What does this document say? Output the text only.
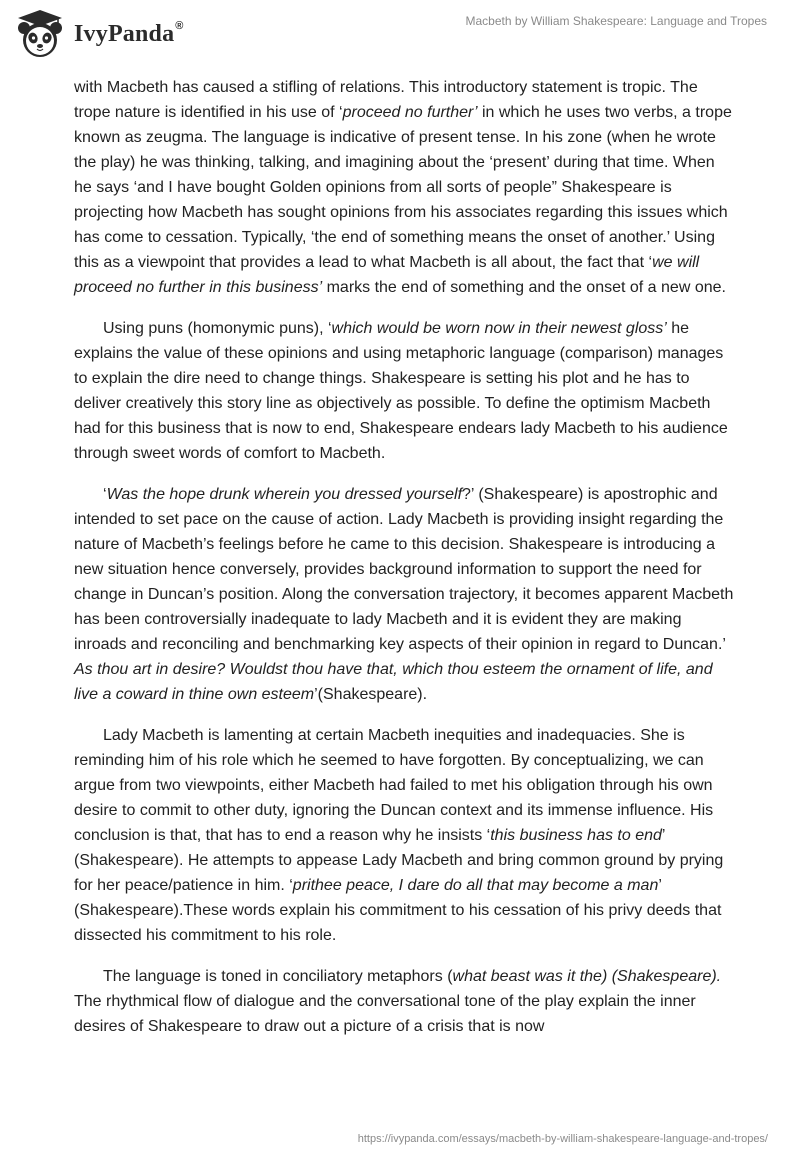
IvyPanda®	Macbeth by William Shakespeare: Language and Tropes

with Macbeth has caused a stifling of relations. This introductory statement is tropic. The trope nature is identified in his use of ‘proceed no further’ in which he uses two verbs, a trope known as zeugma. The language is indicative of present tense. In his zone (when he wrote the play) he was thinking, talking, and imagining about the ‘present’ during that time. When he says ‘and I have bought Golden opinions from all sorts of people” Shakespeare is projecting how Macbeth has sought opinions from his associates regarding this issues which has come to cessation. Typically, ‘the end of something means the onset of another.’ Using this as a viewpoint that provides a lead to what Macbeth is all about, the fact that ‘we will proceed no further in this business’ marks the end of something and the onset of a new one.

Using puns (homonymic puns), ‘which would be worn now in their newest gloss’ he explains the value of these opinions and using metaphoric language (comparison) manages to explain the dire need to change things. Shakespeare is setting his plot and he has to deliver creatively this story line as objectively as possible. To define the optimism Macbeth had for this business that is now to end, Shakespeare endears lady Macbeth to his audience through sweet words of comfort to Macbeth.

‘Was the hope drunk wherein you dressed yourself?’ (Shakespeare) is apostrophic and intended to set pace on the cause of action. Lady Macbeth is providing insight regarding the nature of Macbeth’s feelings before he came to this decision. Shakespeare is introducing a new situation hence conversely, provides background information to support the need for change in Duncan’s position. Along the conversation trajectory, it becomes apparent Macbeth has been controversially inadequate to lady Macbeth and it is evident they are making inroads and reconciling and benchmarking key aspects of their opinion in regard to Duncan.’ As thou art in desire? Wouldst thou have that, which thou esteem the ornament of life, and live a coward in thine own esteem’(Shakespeare).

Lady Macbeth is lamenting at certain Macbeth inequities and inadequacies. She is reminding him of his role which he seemed to have forgotten. By conceptualizing, we can argue from two viewpoints, either Macbeth had failed to met his obligation through his own desire to commit to other duty, ignoring the Duncan context and its immense influence. His conclusion is that, that has to end a reason why he insists ‘this business has to end’ (Shakespeare). He attempts to appease Lady Macbeth and bring common ground by prying for her peace/patience in him. ‘prithee peace, I dare do all that may become a man’ (Shakespeare).These words explain his commitment to his cessation of his privy deeds that dissected his commitment to his role.

The language is toned in conciliatory metaphors (what beast was it the) (Shakespeare). The rhythmical flow of dialogue and the conversational tone of the play explain the inner desires of Shakespeare to draw out a picture of a crisis that is now

https://ivypanda.com/essays/macbeth-by-william-shakespeare-language-and-tropes/
